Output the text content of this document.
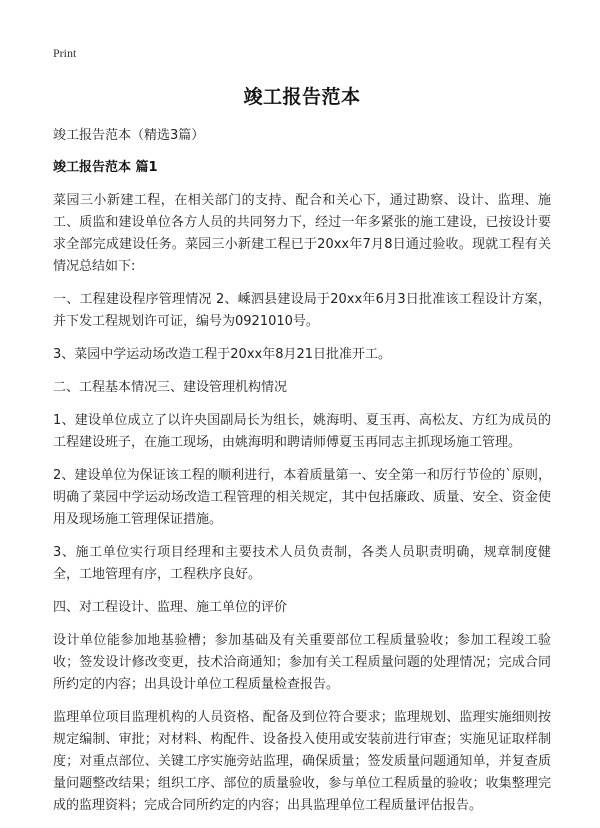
Print
竣工报告范本
竣工报告范本（精选3篇）
竣工报告范本 篇1
菜园三小新建工程，在相关部门的支持、配合和关心下，通过勘察、设计、监理、施工、质监和建设单位各方人员的共同努力下，经过一年多紧张的施工建设，已按设计要求全部完成建设任务。菜园三小新建工程已于20xx年7月8日通过验收。现就工程有关情况总结如下:
一、工程建设程序管理情况 2、嵊泗县建设局于20xx年6月3日批准该工程设计方案，并下发工程规划许可证，编号为0921010号。
3、菜园中学运动场改造工程于20xx年8月21日批准开工。
二、工程基本情况三、建设管理机构情况
1、建设单位成立了以许央国副局长为组长，姚海明、夏玉再、高松友、方红为成员的工程建设班子，在施工现场，由姚海明和聘请师傅夏玉再同志主抓现场施工管理。
2、建设单位为保证该工程的顺利进行，本着质量第一、安全第一和厉行节俭的`原则，明确了菜园中学运动场改造工程管理的相关规定，其中包括廉政、质量、安全、资金使用及现场施工管理保证措施。
3、施工单位实行项目经理和主要技术人员负责制，各类人员职责明确，规章制度健全，工地管理有序，工程秩序良好。
四、对工程设计、监理、施工单位的评价
设计单位能参加地基验槽；参加基础及有关重要部位工程质量验收；参加工程竣工验收；签发设计修改变更，技术洽商通知；参加有关工程质量问题的处理情况；完成合同所约定的内容；出具设计单位工程质量检查报告。
监理单位项目监理机构的人员资格、配备及到位符合要求；监理规划、监理实施细则按规定编制、审批；对材料、构配件、设备投入使用或安装前进行审查；实施见证取样制度；对重点部位、关键工序实施旁站监理，确保质量；签发质量问题通知单，并复查质量问题整改结果；组织工序、部位的质量验收，参与单位工程质量的验收；收集整理完成的监理资料；完成合同所约定的内容；出具监理单位工程质量评估报告。
